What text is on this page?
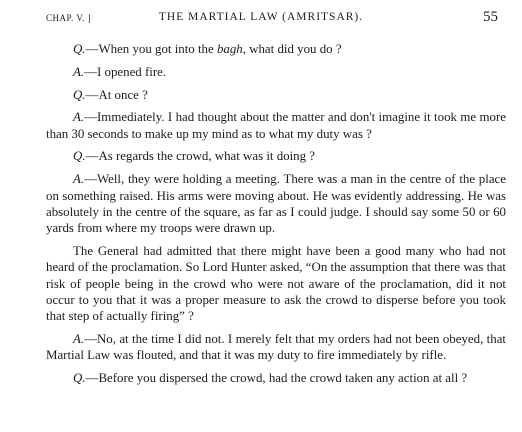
CHAP. V. ]	THE MARTIAL LAW (AMRITSAR).	55

Q.—When you got into the bagh, what did you do ?

A.—I opened fire.

Q.—At once ?

A.—Immediately. I had thought about the matter and don't imagine it took me more than 30 seconds to make up my mind as to what my duty was ?

Q.—As regards the crowd, what was it doing ?

A.—Well, they were holding a meeting. There was a man in the centre of the place on something raised. His arms were moving about. He was evidently addressing. He was absolutely in the centre of the square, as far as I could judge. I should say some 50 or 60 yards from where my troops were drawn up.

The General had admitted that there might have been a good many who had not heard of the proclamation. So Lord Hunter asked, “On the assumption that there was that risk of people being in the crowd who were not aware of the proclamation, did it not occur to you that it was a proper measure to ask the crowd to disperse before you took that step of actually firing” ?

A.—No, at the time I did not. I merely felt that my orders had not been obeyed, that Martial Law was flouted, and that it was my duty to fire immediately by rifle.

Q.—Before you dispersed the crowd, had the crowd taken any action at all ?
